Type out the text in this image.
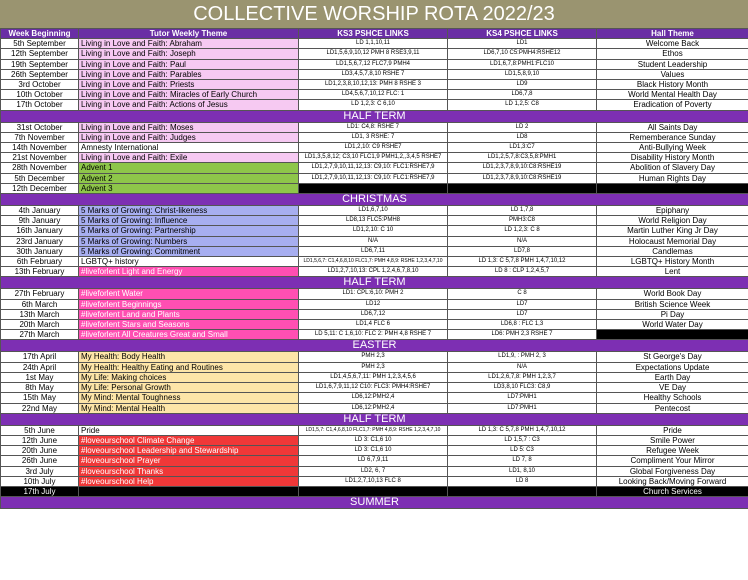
COLLECTIVE WORSHIP ROTA 2022/23
Week Beginning	Tutor Weekly Theme	KS3 PSHCE LINKS	KS4 PSHCE LINKS	Hall Theme
5th September	Living in Love and Faith: Abraham	LD 1,1,10,11	LD1	Welcome Back
12th September	Living in Love and Faith: Joseph	LD1,5,6,9,10,12 PMH 8 RSE3,9,11	LD6,7,10 C5:PMH4:RSHE12	Ethos
19th September	Living in Love and Faith: Paul	LD1,5,6,7,12 FLC7,9 PMH4	LD1,6,7,8:PMH1:FLC10	Student Leadership
26th September	Living in Love and Faith: Parables	LD3,4,5,7,8,10 RSHE 7	LD1,5,8,9,10	Values
3rd October	Living in Love and Faith: Priests	LD1,2,3,8,10,12,13: PMH 8 RSHE 3	LD9	Black History Month
10th October	Living in Love and Faith: Miracles of Early Church	LD4,5,6,7,10,12 FLC: 1	LD6,7,8	World Mental Health Day
17th October	Living in Love and Faith: Actions of Jesus	LD 1,2,3: C 6,10	LD 1,2,5: C8	Eradication of Poverty
HALF TERM				
31st October	Living in Love and Faith: Moses	LD1: C4,8: RSHE 7	LD 2	All Saints Day
7th November	Living in Love and Faith: Judges	LD1, 3 RSHE: 7	LD8	Rememberance Sunday
14th November	Amnesty International	LD1,2,10: C9 RSHE7	LD1,3:C7	Anti-Bullying Week
21st November	Living in Love and Faith: Exile	LD1,3,5,8,12; C3,10 FLC1,9 PMH1,2,,3,4,5 RSHE7	LD1,2,5,7,8:C3,5,8:PMH1	Disability History Month
28th November	Advent 1	LD1,2,7,9,10,11,12,13: C9,10: FLC1:RSHE7,9	LD1,2,3,7,8,9,10:C8:RSHE19	Abolition of Slavery Day
5th December	Advent 2	LD1,2,7,9,10,11,12,13: C9,10: FLC1:RSHE7,9	LD1,2,3,7,8,9,10:C8:RSHE19	Human Rights Day
12th December	Advent 3			
CHRISTMAS				
4th January	5 Marks of Growing: Christ-likeness	LD1,6,7,10	LD 1,7,8	Epiphany
9th January	5 Marks of Growing: Influence	LD8,13 FLC5:PMH8	PMH3:C8	World Religion Day
16th January	5 Marks of Growing: Partnership	LD1,2,10: C 10	LD 1,2,3: C 8	Martin Luther King Jr Day
23rd January	5 Marks of Growing: Numbers	N/A	N/A	Holocaust Memorial Day
30th January	5 Marks of Growing: Commitment	LD6,7,11	LD7,8	Candlemas
6th February	LGBTQ+ history	LD1,5,6,7: C1,4,6,8,10 FLC1,7: PMH 4,8,9: RSHE 1,2,3,4,7,10	LD 1,3: C 5,7,8 PMH 1,4,7,10,12	LGBTQ+ History Month
13th February	#liveforlent Light and Energy	LD1,2,7,10,13: CPL 1,2,4,6,7,8,10	LD 8 : CLP 1,2,4,5,7	Lent
HALF TERM				
27th February	#liveforlent Water	LD1: CPL:6,10: PMH 2	C 8	World Book Day
6th March	#liveforlent Beginnings	LD12	LD7	British Science Week
13th March	#liveforlent Land and Plants	LD6,7,12	LD7	Pi Day
20th March	#liveforlent Stars and Seasons	LD1,4 FLC 6	LD6,8 : FLC 1,3	World Water Day
27th March	#liveforlent All Creatures Great and Small	LD 5,11: C 1,6,10: FLC 2: PMH 4,8 RSHE 7	LD6: PMH 2,3 RSHE 7	
EASTER				
17th April	My Health: Body Health	PMH 2,3	LD1,9, : PMH 2, 3	St George's Day
24th April	My Health: Healthy Eating and Routines	PMH 2,3	N/A	Expectations Update
1st May	My Life: Making choices	LD1,4,5,6,7,11: PMH 1,2,3,4,5,6	LD1,2,6,7,8: PMH 1,2,3,7	Earth Day
8th May	My Life: Personal Growth	LD1,6,7,9,11,12 C10: FLC3: PMH4:RSHE7	LD3,8,10 FLC3: C8,9	VE Day
15th May	My Mind: Mental Toughness	LD6,12:PMH2,4	LD7:PMH1	Healthy Schools
22nd May	My Mind: Mental Health	LD6,12:PMH2,4	LD7:PMH1	Pentecost
HALF TERM				
5th June	Pride	LD1,5,7: C1,4,6,8,10 FLC1,7: PMH 4,8,9: RSHE 1,2,3,4,7,10	LD 1,3: C 5,7,8 PMH 1,4,7,10,12	Pride
12th June	#loveourschool Climate Change	LD 3: C1,6 10	LD 1,5,7 : C3	Smile Power
20th June	#loveourschool Leadership and Stewardship	LD 3: C1,6 10	LD 5: C3	Refugee Week
26th June	#loveourschool Prayer	LD 6,7,9,11	LD 7, 8	Compliment Your Mirror
3rd July	#loveourschool Thanks	LD2, 6, 7	LD1, 8,10	Global Forgiveness Day
10th July	#loveourschool Help	LD1,2,7,10,13 FLC 8	LD 8	Looking Back/Moving Forward
17th July				Church Services
SUMMER				
